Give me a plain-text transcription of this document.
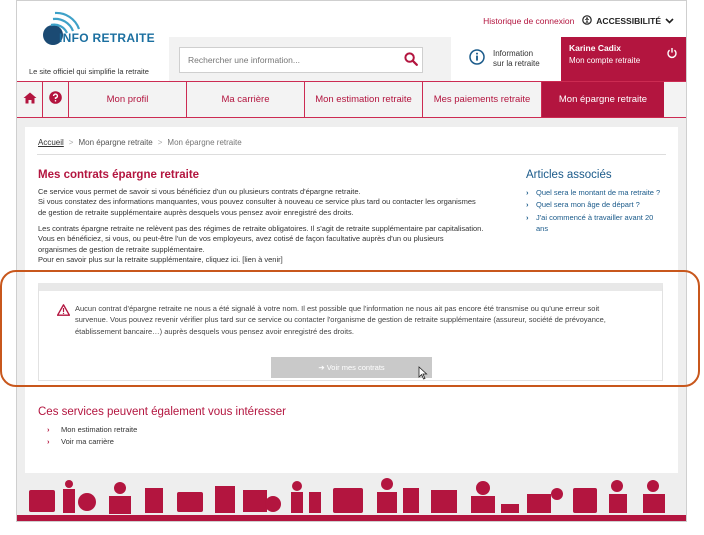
INFO RETRAITE
Le site officiel qui simplifie la retraite
Historique de connexion	ACCESSIBILITÉ
Rechercher une information...
Information
sur la retraite
Karine Cadix
Mon compte retraite
Mon profil	Ma carrière	Mon estimation retraite	Mes paiements retraite	Mon épargne retraite
Accueil > Mon épargne retraite > Mon épargne retraite
Mes contrats épargne retraite

Ce service vous permet de savoir si vous bénéficiez d'un ou plusieurs contrats d'épargne retraite.
Si vous constatez des informations manquantes, vous pouvez consulter à nouveau ce service plus tard ou contacter les organismes
de gestion de retraite supplémentaire auprès desquels vous pensez avoir enregistré des droits.

Les contrats épargne retraite ne relèvent pas des régimes de retraite obligatoires. Il s'agit de retraite supplémentaire par capitalisation.
Vous en bénéficiez, si vous, ou peut-être l'un de vos employeurs, avez cotisé de façon facultative auprès d'un ou plusieurs
organismes de gestion de retraite supplémentaire.
Pour en savoir plus sur la retraite supplémentaire, cliquez ici. [lien à venir]

Articles associés
› Quel sera le montant de ma retraite ?
› Quel sera mon âge de départ ?
› J'ai commencé à travailler avant 20 ans
Aucun contrat d'épargne retraite ne nous a été signalé à votre nom. Il est possible que l'information ne nous ait pas encore été transmise ou qu'une erreur soit
survenue. Vous pouvez revenir vérifier plus tard sur ce service ou contacter l'organisme de gestion de retraite supplémentaire (assureur, société de prévoyance,
établissement bancaire…) auprès desquels vous pensez avoir enregistré des droits.
➔ Voir mes contrats
Ces services peuvent également vous intéresser
› Mon estimation retraite
› Voir ma carrière
